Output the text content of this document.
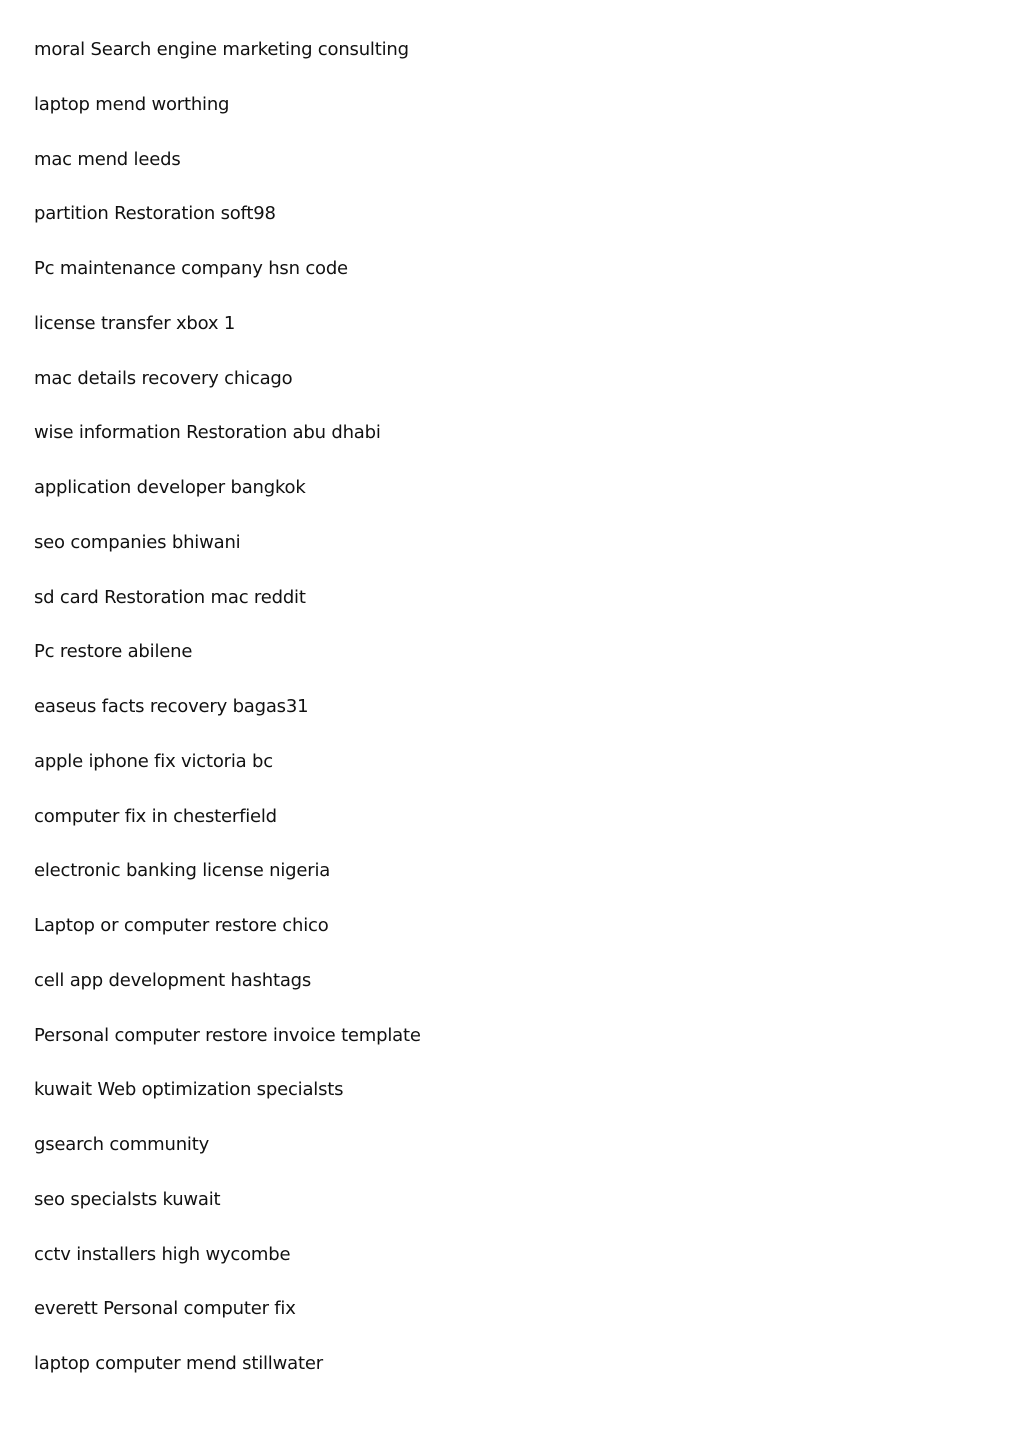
moral Search engine marketing consulting
laptop mend worthing
mac mend leeds
partition Restoration soft98
Pc maintenance company hsn code
license transfer xbox 1
mac details recovery chicago
wise information Restoration abu dhabi
application developer bangkok
seo companies bhiwani
sd card Restoration mac reddit
Pc restore abilene
easeus facts recovery bagas31
apple iphone fix victoria bc
computer fix in chesterfield
electronic banking license nigeria
Laptop or computer restore chico
cell app development hashtags
Personal computer restore invoice template
kuwait Web optimization specialsts
gsearch community
seo specialsts kuwait
cctv installers high wycombe
everett Personal computer fix
laptop computer mend stillwater
